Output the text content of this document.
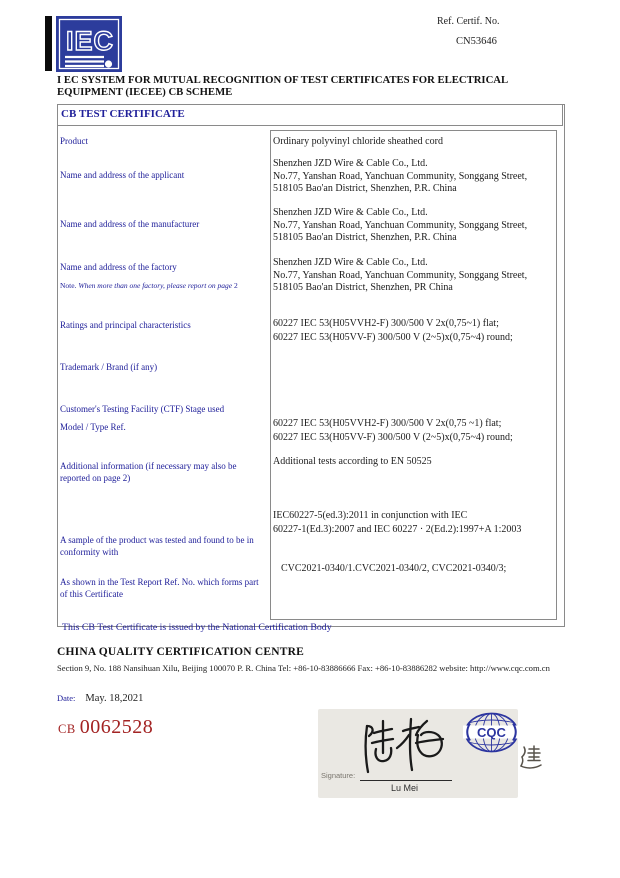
IEC
Ref. Certif. No.
CN53646
I EC SYSTEM FOR MUTUAL RECOGNITION OF TEST CERTIFICATES FOR ELECTRICAL EQUIPMENT (IECEE) CB SCHEME
CB TEST CERTIFICATE
Product
Name and address of the applicant
Name and address of the manufacturer
Name and address of the factory
Note. When more than one factory, please report on page 2
Ratings and principal characteristics
Trademark / Brand (if any)
Customer's Testing Facility (CTF) Stage used
Model / Type Ref.
Additional information (if necessary may also be reported on page 2)
A sample of the product was tested and found to be in conformity with
As shown in the Test Report Ref. No. which forms part of this Certificate
Ordinary polyvinyl chloride sheathed cord
Shenzhen JZD Wire & Cable Co., Ltd.
No.77, Yanshan Road, Yanchuan Community, Songgang Street,
518105 Bao'an District, Shenzhen, P.R. China
Shenzhen JZD Wire & Cable Co., Ltd.
No.77, Yanshan Road, Yanchuan Community, Songgang Street,
518105 Bao'an District, Shenzhen, P.R. China
Shenzhen JZD Wire & Cable Co., Ltd.
No.77, Yanshan Road, Yanchuan Community, Songgang Street,
518105 Bao'an District, Shenzhen, PR China
60227 IEC 53(H05VVH2-F) 300/500 V 2x(0,75~1) flat;
60227 IEC 53(H05VV-F) 300/500 V (2~5)x(0,75~4) round;
60227 IEC 53(H05VVH2-F) 300/500 V 2x(0,75 ~1) flat;
60227 IEC 53(H05VV-F) 300/500 V (2~5)x(0,75~4) round;
Additional tests according to EN 50525
IEC60227-5(ed.3):2011 in conjunction with IEC
60227-1(Ed.3):2007 and IEC 60227 · 2(Ed.2):1997+A 1:2003
CVC2021-0340/1.CVC2021-0340/2, CVC2021-0340/3;
This CB Test Certificate is issued by the National Certification Body
CHINA QUALITY CERTIFICATION CENTRE
Section 9, No. 188 Nansihuan Xilu, Beijing 100070 P. R. China Tel: +86-10-83886666 Fax: +86-10-83886282 website: http://www.cqc.com.cn
Date: May. 18,2021
CB 0062528
Signature:
Lu Mei
CQC
